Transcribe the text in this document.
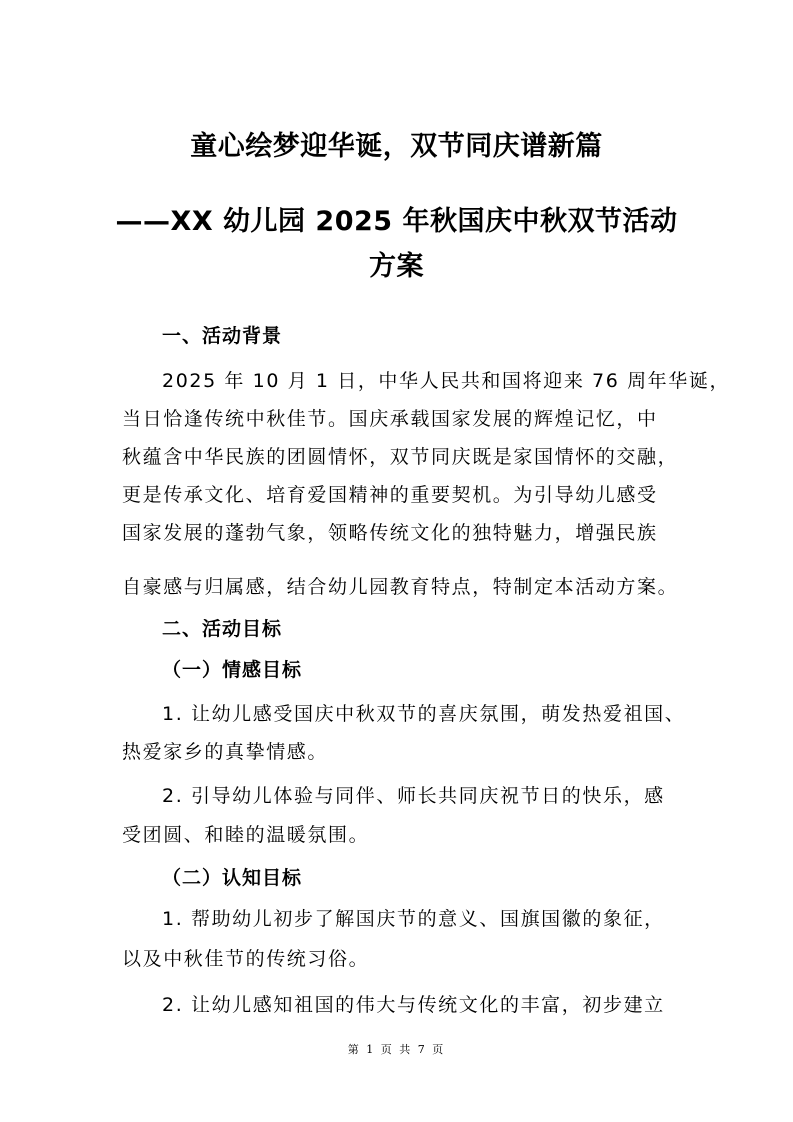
童心绘梦迎华诞，双节同庆谱新篇
——XX 幼儿园 2025 年秋国庆中秋双节活动
方案
一、活动背景
2025 年 10 月 1 日，中华人民共和国将迎来 76 周年华诞，
当日恰逢传统中秋佳节。国庆承载国家发展的辉煌记忆，中
秋蕴含中华民族的团圆情怀，双节同庆既是家国情怀的交融，
更是传承文化、培育爱国精神的重要契机。为引导幼儿感受
国家发展的蓬勃气象，领略传统文化的独特魅力，增强民族
自豪感与归属感，结合幼儿园教育特点，特制定本活动方案。
二、活动目标
（一）情感目标
1. 让幼儿感受国庆中秋双节的喜庆氛围，萌发热爱祖国、
热爱家乡的真挚情感。
2. 引导幼儿体验与同伴、师长共同庆祝节日的快乐，感
受团圆、和睦的温暖氛围。
（二）认知目标
1. 帮助幼儿初步了解国庆节的意义、国旗国徽的象征，
以及中秋佳节的传统习俗。
2. 让幼儿感知祖国的伟大与传统文化的丰富，初步建立
第 1 页 共 7 页
